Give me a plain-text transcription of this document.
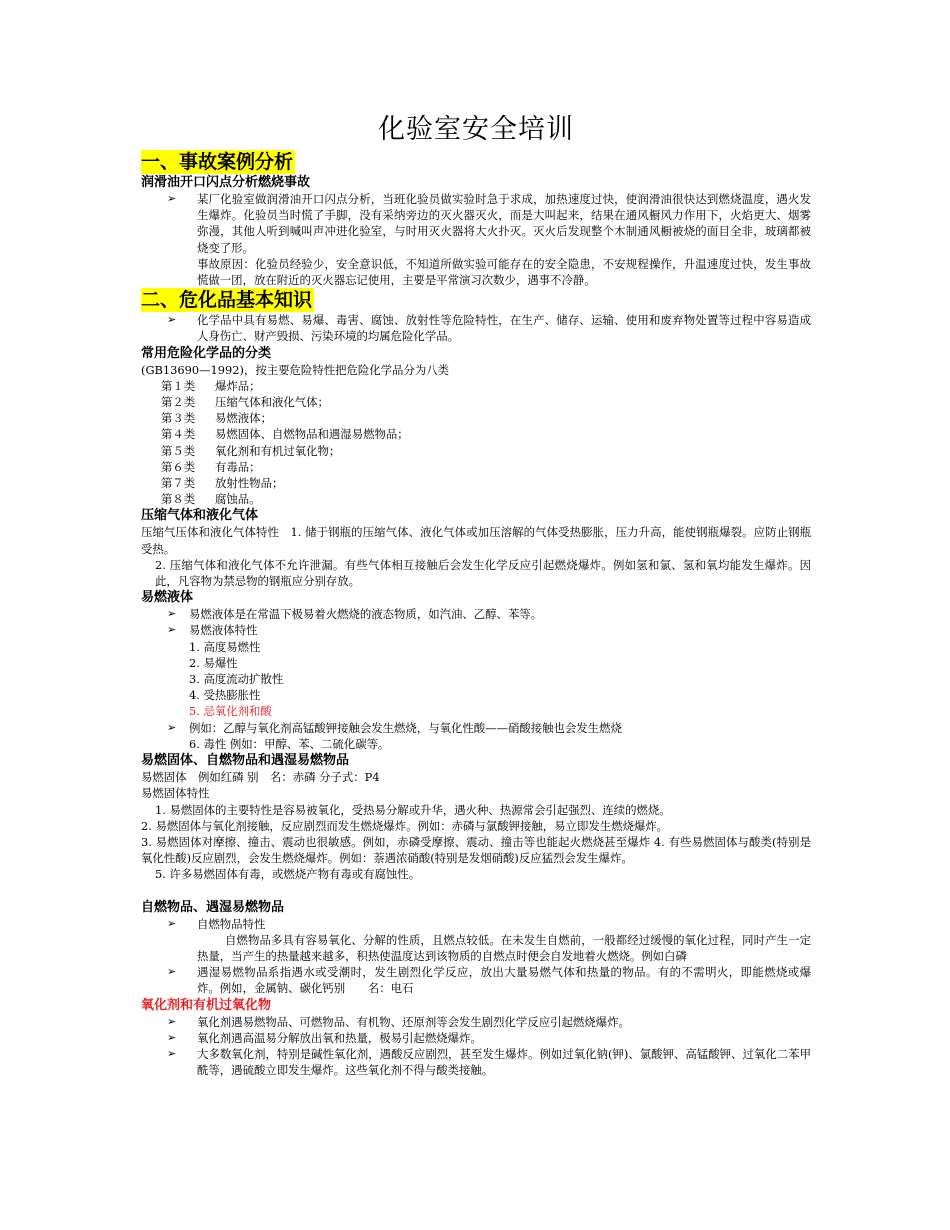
化验室安全培训
一、事故案例分析
润滑油开口闪点分析燃烧事故
➢ 某厂化验室做润滑油开口闪点分析，当班化验员做实验时急于求成，加热速度过快，使润滑油很快达到燃烧温度，遇火发生爆炸。化验员当时慌了手脚，没有采纳旁边的灭火器灭火，而是大叫起来，结果在通风橱风力作用下，火焰更大、烟雾弥漫，其他人听到喊叫声冲进化验室，与时用灭火器将大火扑灭。灭火后发现整个木制通风橱被烧的面目全非，玻璃都被烧变了形。
事故原因：化验员经验少，安全意识低，不知道所做实验可能存在的安全隐患，不安规程操作，升温速度过快，发生事故慌做一团，放在附近的灭火器忘记使用，主要是平常演习次数少，遇事不冷静。
二、危化品基本知识
➢ 化学品中具有易燃、易爆、毒害、腐蚀、放射性等危险特性，在生产、储存、运输、使用和废弃物处置等过程中容易造成人身伤亡、财产毁损、污染环境的均属危险化学品。
常用危险化学品的分类
(GB13690—1992)，按主要危险特性把危险化学品分为八类
第１类 爆炸品；
第２类 压缩气体和液化气体；
第３类 易燃液体；
第４类 易燃固体、自燃物品和遇湿易燃物品；
第５类 氧化剂和有机过氧化物；
第６类 有毒品；
第７类 放射性物品；
第８类 腐蚀品。
压缩气体和液化气体
压缩气压体和液化气体特性　1. 储于钢瓶的压缩气体、液化气体或加压溶解的气体受热膨胀，压力升高，能使钢瓶爆裂。应防止钢瓶受热。
2. 压缩气体和液化气体不允许泄漏。有些气体相互接触后会发生化学反应引起燃烧爆炸。例如氢和氯、氢和氧均能发生爆炸。因此，凡容物为禁忌物的钢瓶应分别存放。
易燃液体
➢ 易燃液体是在常温下极易着火燃烧的液态物质，如汽油、乙醇、苯等。
➢ 易燃液体特性
1. 高度易燃性
2. 易爆性
3. 高度流动扩散性
4. 受热膨胀性
5. 忌氧化剂和酸
➢ 例如：乙醇与氧化剂高锰酸钾接触会发生燃烧，与氧化性酸——硝酸接触也会发生燃烧
6. 毒性 例如：甲醇、苯、二硫化碳等。
易燃固体、自燃物品和遇湿易燃物品
易燃固体　例如红磷 别　名：赤磷 分子式：P4
易燃固体特性
1. 易燃固体的主要特性是容易被氧化，受热易分解或升华，遇火种、热源常会引起强烈、连续的燃烧。
2. 易燃固体与氧化剂接触，反应剧烈而发生燃烧爆炸。例如：赤磷与氯酸钾接触，易立即发生燃烧爆炸。
3. 易燃固体对摩擦、撞击、震动也很敏感。例如，赤磷受摩擦、震动、撞击等也能起火燃烧甚至爆炸 4. 有些易燃固体与酸类(特别是氧化性酸)反应剧烈，会发生燃烧爆炸。例如：萘遇浓硝酸(特别是发烟硝酸)反应猛烈会发生爆炸。
5. 许多易燃固体有毒，或燃烧产物有毒或有腐蚀性。
自燃物品、遇湿易燃物品
➢ 自燃物品特性
自燃物品多具有容易氧化、分解的性质，且燃点较低。在未发生自燃前，一般都经过缓慢的氧化过程，同时产生一定热量，当产生的热量越来越多，积热使温度达到该物质的自燃点时便会自发地着火燃烧。例如白磷
➢ 遇湿易燃物品系指遇水或受潮时，发生剧烈化学反应，放出大量易燃气体和热量的物品。有的不需明火，即能燃烧或爆炸。例如，金属钠、碳化钙别　　名：电石
氧化剂和有机过氧化物
➢ 氧化剂遇易燃物品、可燃物品、有机物、还原剂等会发生剧烈化学反应引起燃烧爆炸。
➢ 氧化剂遇高温易分解放出氧和热量，极易引起燃烧爆炸。
➢ 大多数氧化剂，特别是碱性氧化剂，遇酸反应剧烈，甚至发生爆炸。例如过氧化钠(钾)、氯酸钾、高锰酸钾、过氧化二苯甲酰等，遇硫酸立即发生爆炸。这些氧化剂不得与酸类接触。
